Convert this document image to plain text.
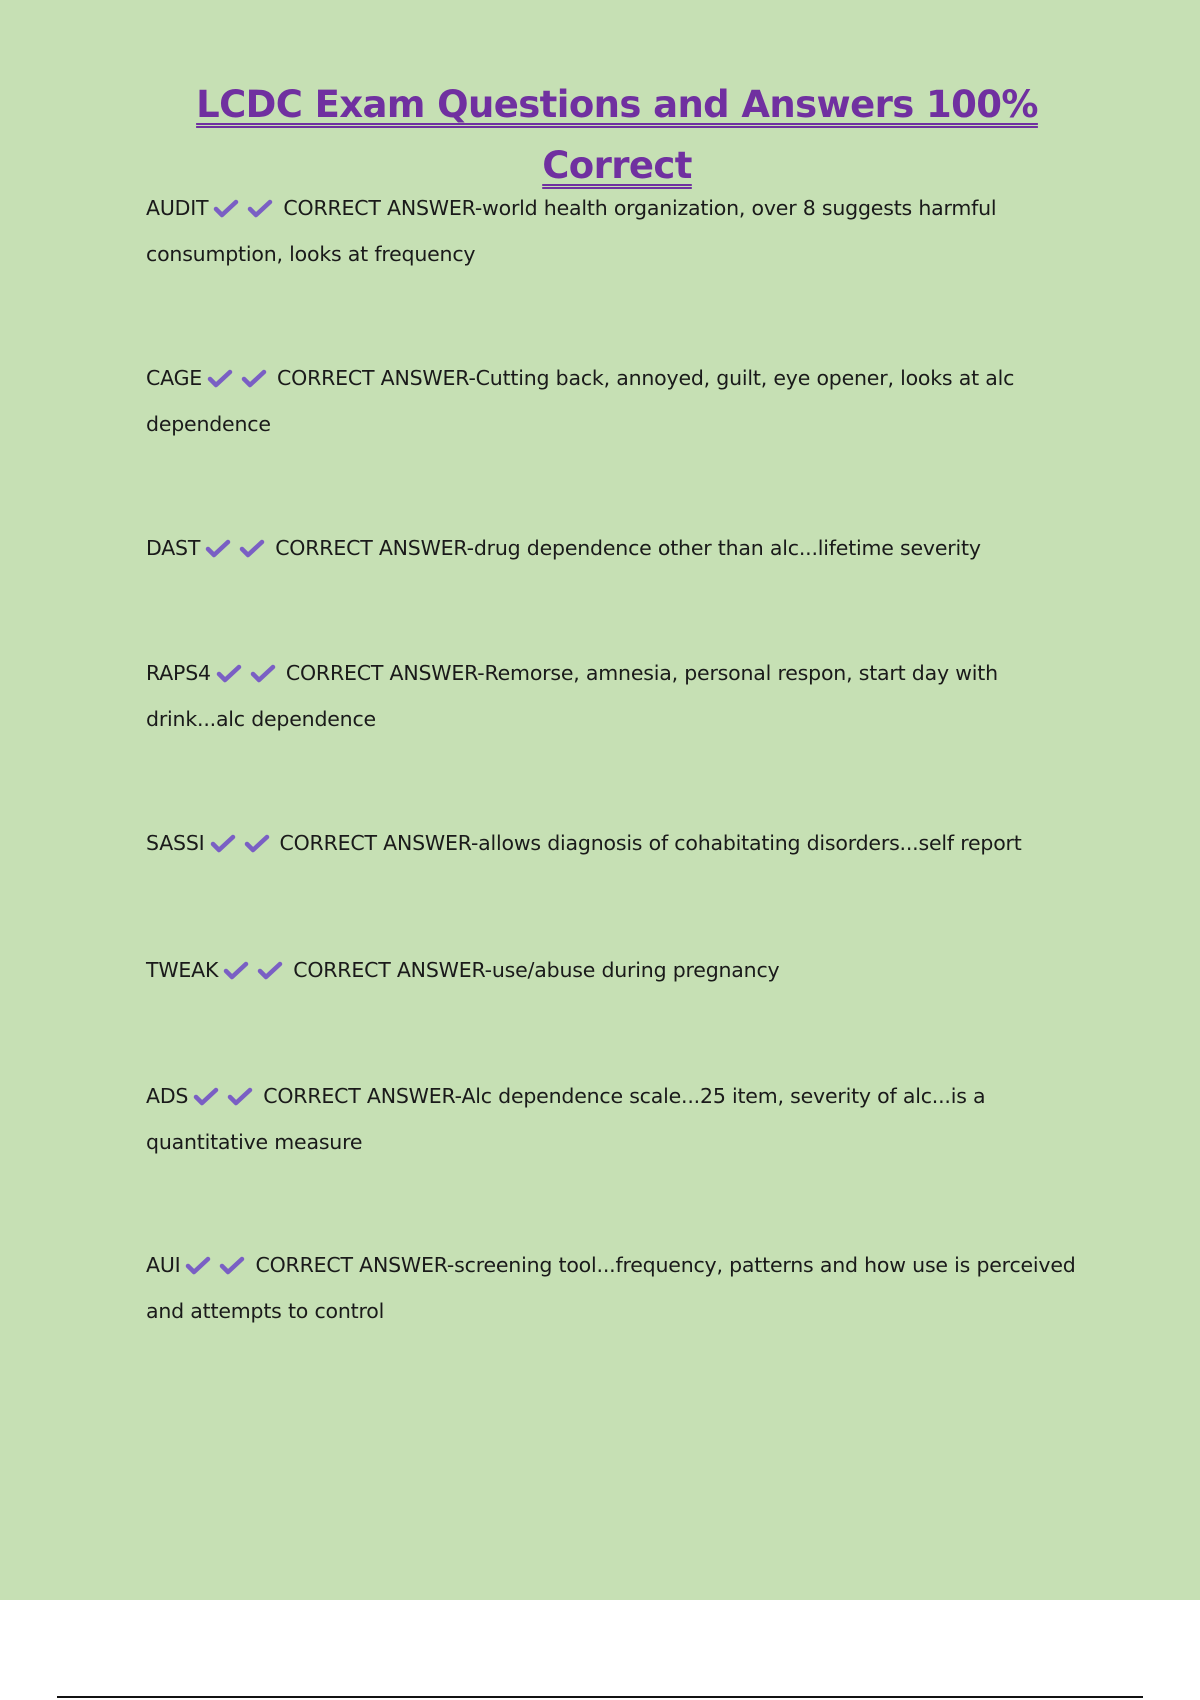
LCDC Exam Questions and Answers 100% Correct

AUDIT	CORRECT ANSWER-world health organization, over 8 suggests harmful consumption, looks at frequency

CAGE	CORRECT ANSWER-Cutting back, annoyed, guilt, eye opener, looks at alc dependence

DAST	CORRECT ANSWER-drug dependence other than alc...lifetime severity

RAPS4	CORRECT ANSWER-Remorse, amnesia, personal respon, start day with drink...alc dependence

SASSI	CORRECT ANSWER-allows diagnosis of cohabitating disorders...self report

TWEAK	CORRECT ANSWER-use/abuse during pregnancy

ADS	CORRECT ANSWER-Alc dependence scale...25 item, severity of alc...is a quantitative measure

AUI	CORRECT ANSWER-screening tool...frequency, patterns and how use is perceived and attempts to control
